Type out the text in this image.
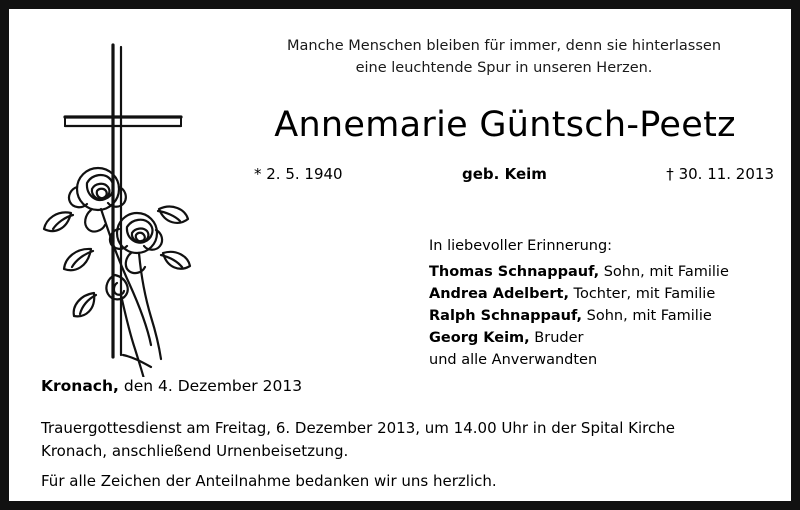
Manche Menschen bleiben für immer, denn sie hinterlassen
eine leuchtende Spur in unseren Herzen.
Annemarie Güntsch-Peetz
* 2. 5. 1940	geb. Keim	† 30. 11. 2013
In liebevoller Erinnerung:
Thomas Schnappauf, Sohn, mit Familie
Andrea Adelbert, Tochter, mit Familie
Ralph Schnappauf, Sohn, mit Familie
Georg Keim, Bruder
und alle Anverwandten
Kronach, den 4. Dezember 2013
Trauergottesdienst am Freitag, 6. Dezember 2013, um 14.00 Uhr in der Spital Kirche
Kronach, anschließend Urnenbeisetzung.
Für alle Zeichen der Anteilnahme bedanken wir uns herzlich.
